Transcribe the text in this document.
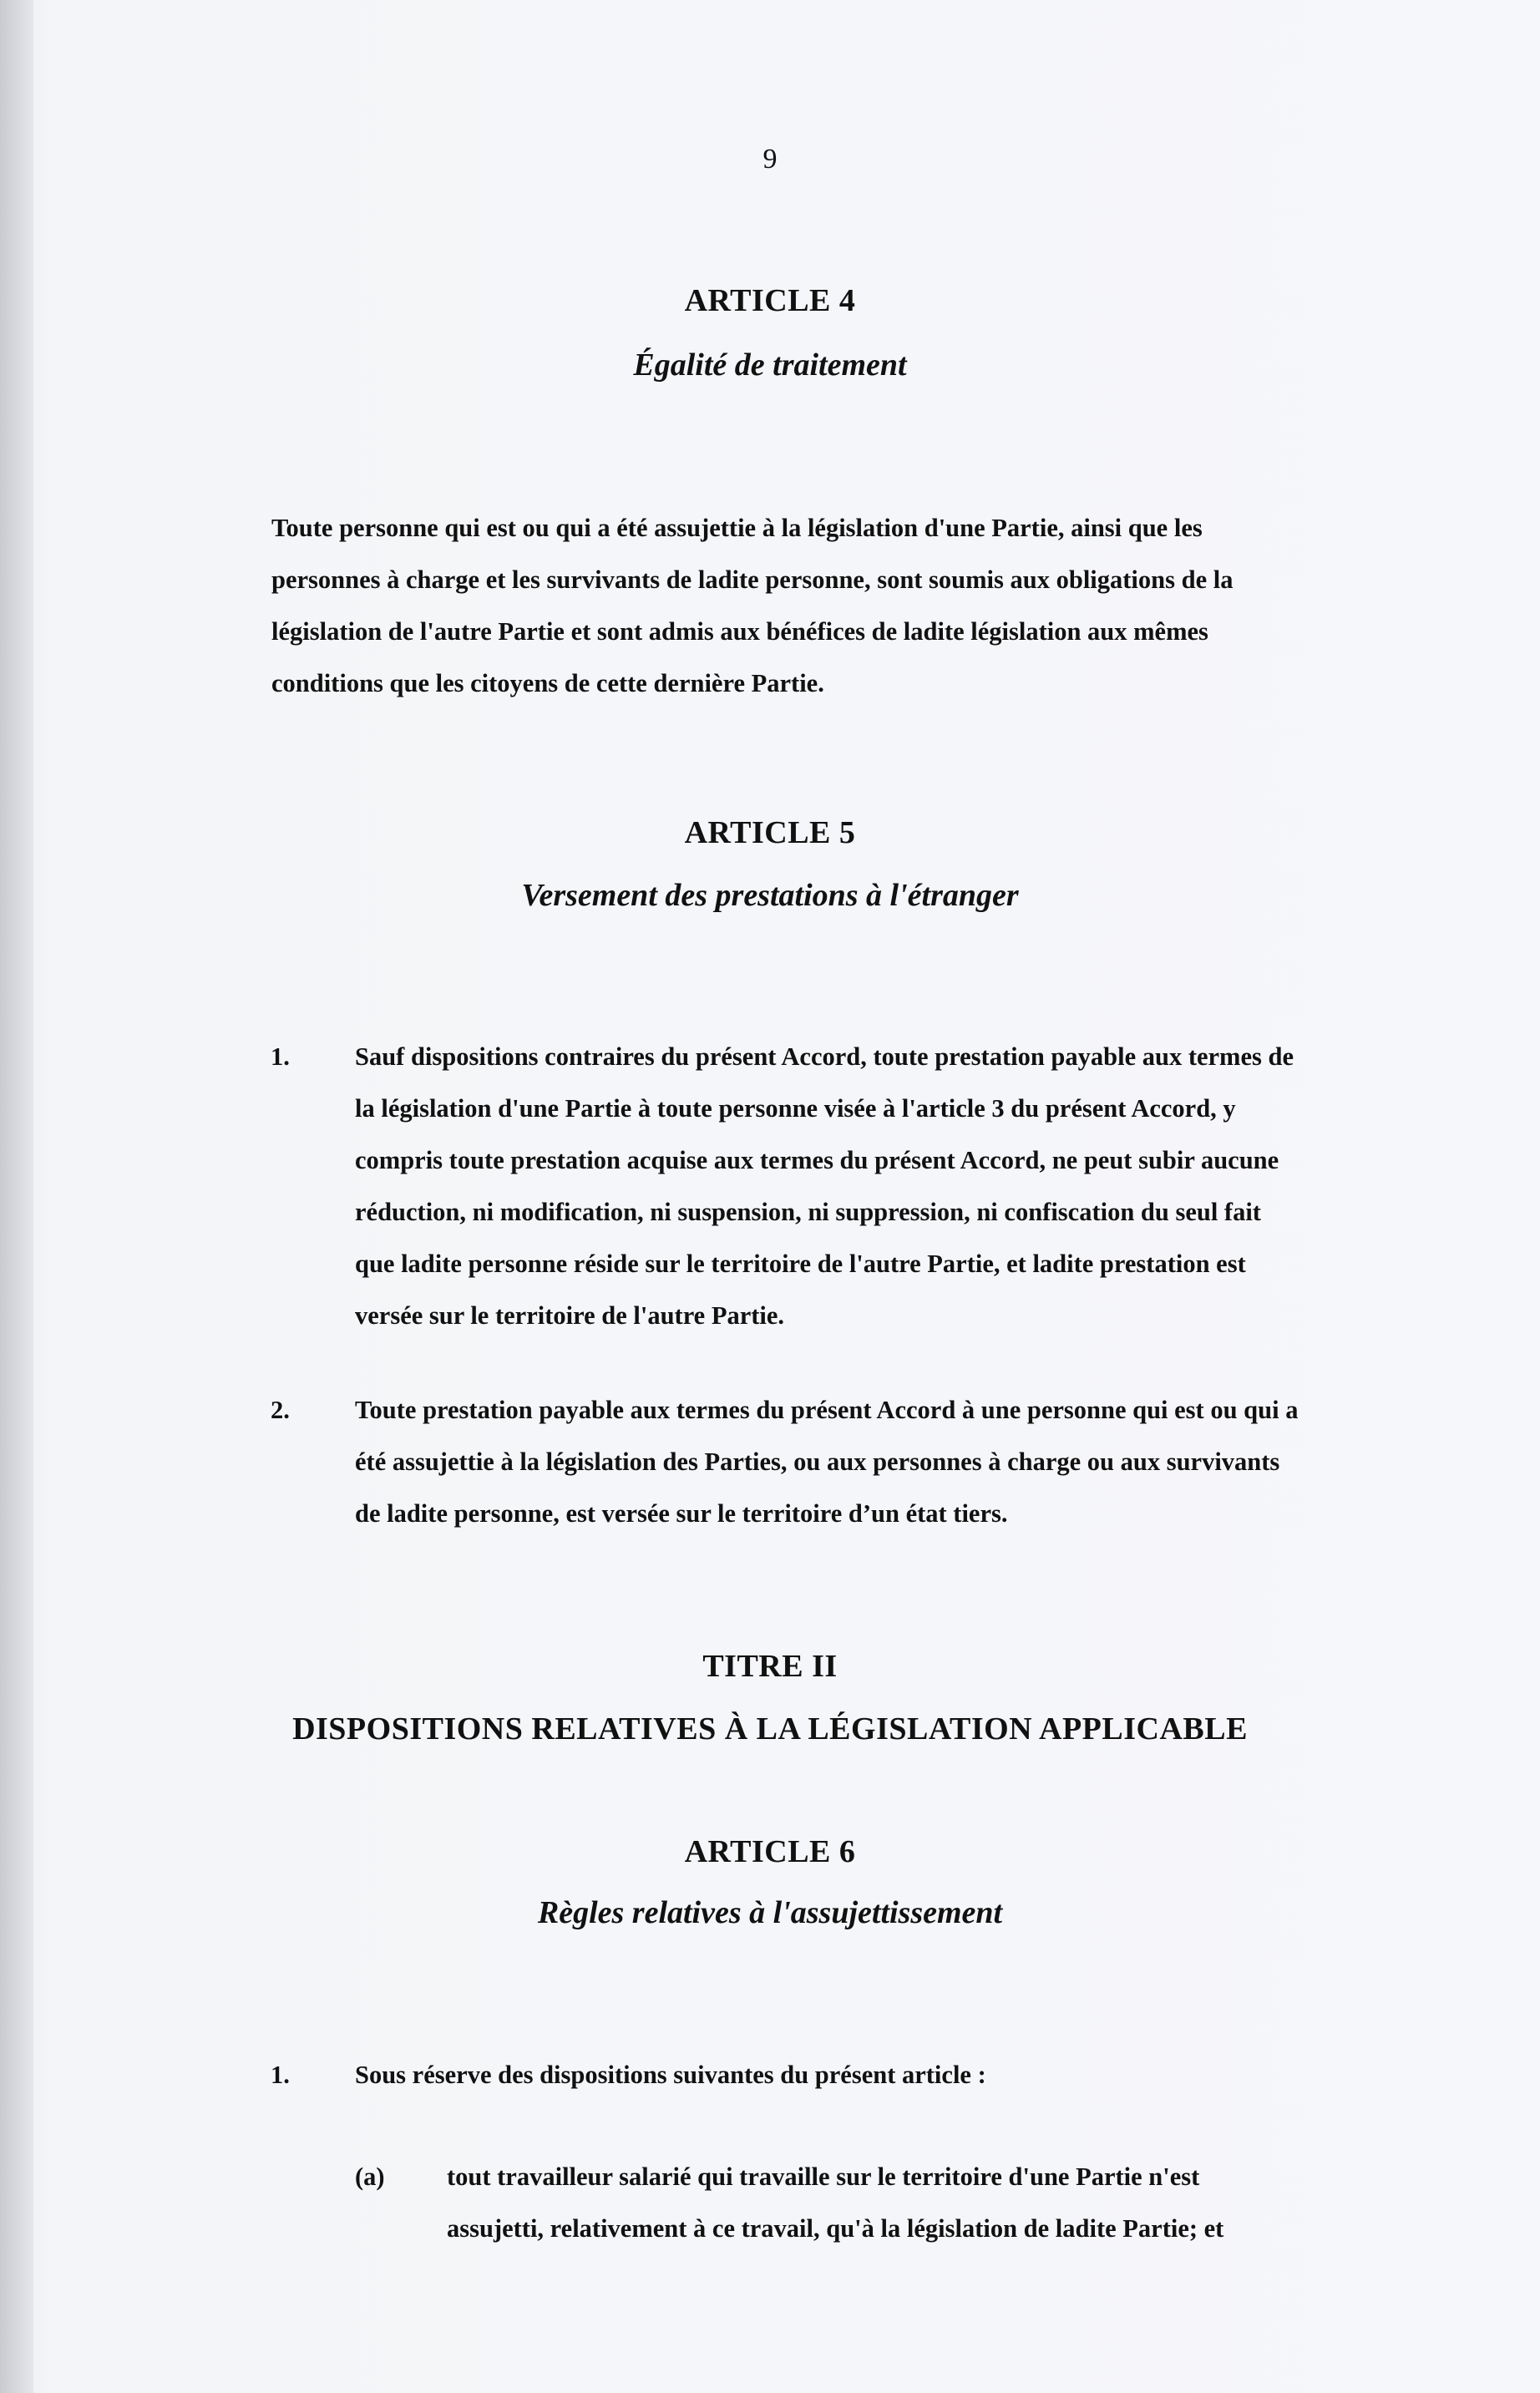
9
ARTICLE 4
Égalité de traitement

Toute personne qui est ou qui a été assujettie à la législation d'une Partie, ainsi que les personnes à charge et les survivants de ladite personne, sont soumis aux obligations de la législation de l'autre Partie et sont admis aux bénéfices de ladite législation aux mêmes conditions que les citoyens de cette dernière Partie.

ARTICLE 5
Versement des prestations à l'étranger
1.	Sauf dispositions contraires du présent Accord, toute prestation payable aux termes de la législation d'une Partie à toute personne visée à l'article 3 du présent Accord, y compris toute prestation acquise aux termes du présent Accord, ne peut subir aucune réduction, ni modification, ni suspension, ni suppression, ni confiscation du seul fait que ladite personne réside sur le territoire de l'autre Partie, et ladite prestation est versée sur le territoire de l'autre Partie.

2.	Toute prestation payable aux termes du présent Accord à une personne qui est ou qui a été assujettie à la législation des Parties, ou aux personnes à charge ou aux survivants de ladite personne, est versée sur le territoire d’un état tiers.

TITRE II
DISPOSITIONS RELATIVES À LA LÉGISLATION APPLICABLE
ARTICLE 6
Règles relatives à l'assujettissement
1.	Sous réserve des dispositions suivantes du présent article :

(a) tout travailleur salarié qui travaille sur le territoire d'une Partie n'est

assujetti, relativement à ce travail, qu'à la législation de ladite Partie; et
